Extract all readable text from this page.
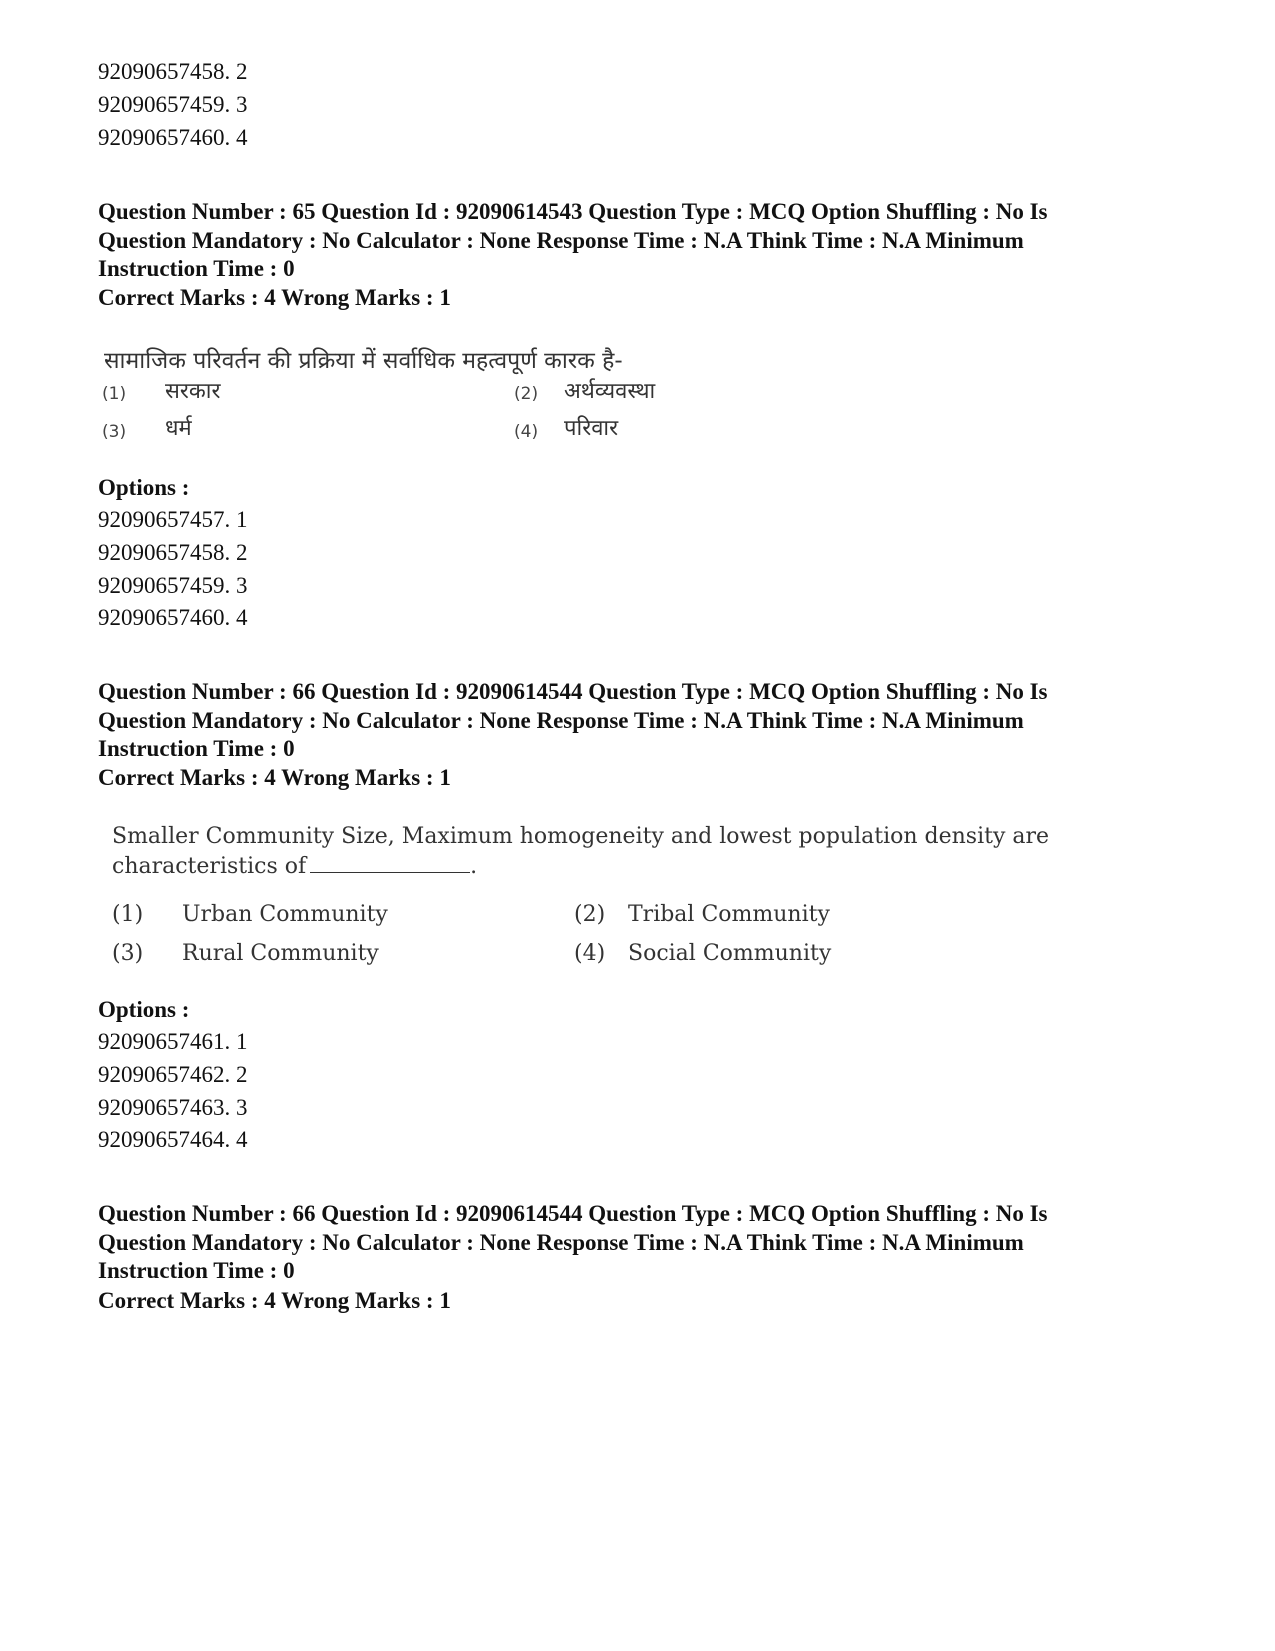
92090657458. 2
92090657459. 3
92090657460. 4
Question Number : 65 Question Id : 92090614543 Question Type : MCQ Option Shuffling : No Is
Question Mandatory : No Calculator : None Response Time : N.A Think Time : N.A Minimum
Instruction Time : 0
Correct Marks : 4 Wrong Marks : 1
सामाजिक परिवर्तन की प्रक्रिया में सर्वाधिक महत्वपूर्ण कारक है-
(1) सरकार	(2) अर्थव्यवस्था
(3) धर्म	(4) परिवार
Options :
92090657457. 1
92090657458. 2
92090657459. 3
92090657460. 4
Question Number : 66 Question Id : 92090614544 Question Type : MCQ Option Shuffling : No Is
Question Mandatory : No Calculator : None Response Time : N.A Think Time : N.A Minimum
Instruction Time : 0
Correct Marks : 4 Wrong Marks : 1
Smaller Community Size, Maximum homogeneity and lowest population density are
characteristics of	.
(1) Urban Community	(2) Tribal Community
(3) Rural Community	(4) Social Community
Options :
92090657461. 1
92090657462. 2
92090657463. 3
92090657464. 4
Question Number : 66 Question Id : 92090614544 Question Type : MCQ Option Shuffling : No Is
Question Mandatory : No Calculator : None Response Time : N.A Think Time : N.A Minimum
Instruction Time : 0
Correct Marks : 4 Wrong Marks : 1
